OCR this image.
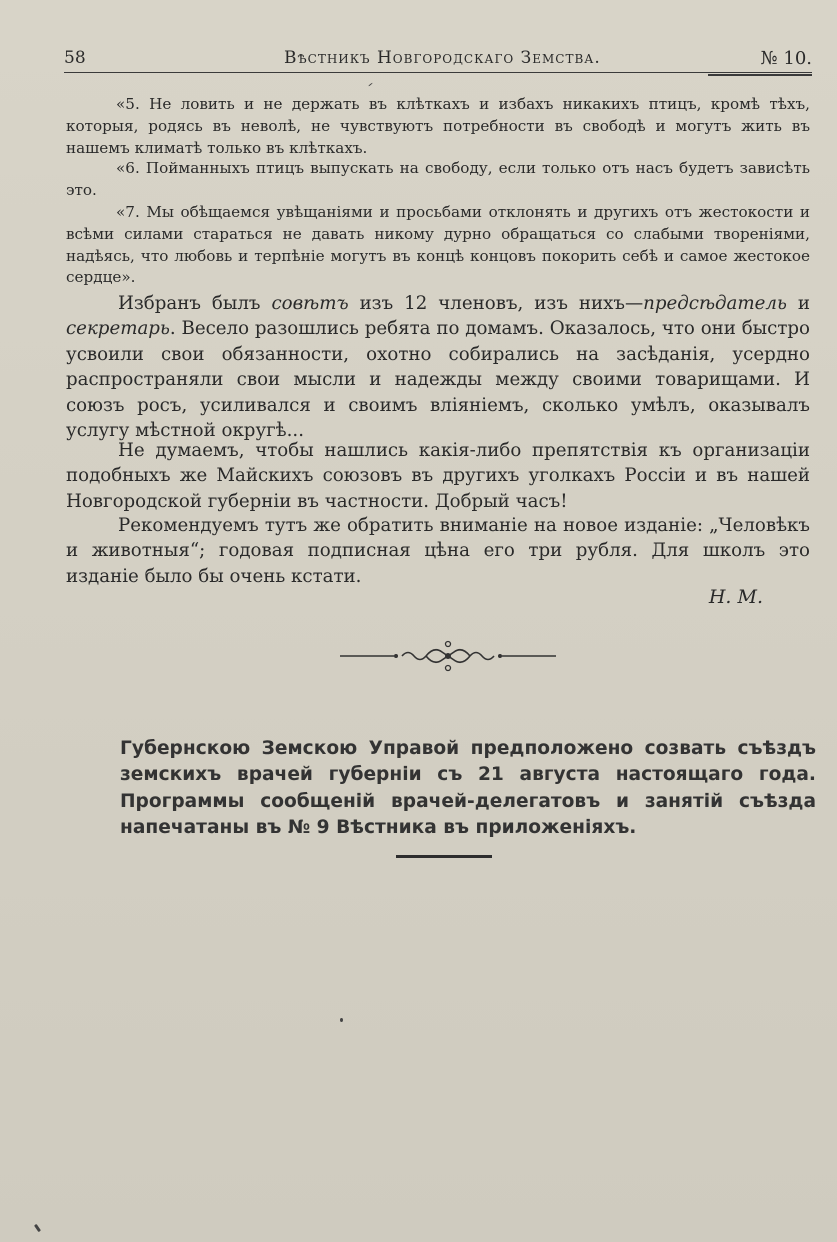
58	Вѣстникъ Новгородскаго Земства.	№ 10.

«5. Не ловить и не держать въ клѣткахъ и избахъ никакихъ птицъ, кромѣ тѣхъ, которыя, родясь въ неволѣ, не чувствуютъ потребности въ свободѣ и могутъ жить въ нашемъ климатѣ только въ клѣткахъ.

«6. Пойманныхъ птицъ выпускать на свободу, если только отъ насъ будетъ зависѣть это.

«7. Мы обѣщаемся увѣщаніями и просьбами отклонять и другихъ отъ жестокости и всѣми силами стараться не давать никому дурно обращаться со слабыми твореніями, надѣясь, что любовь и терпѣніе могутъ въ концѣ концовъ покорить себѣ и самое жестокое сердце».

Избранъ былъ совѣтъ изъ 12 членовъ, изъ нихъ—предсѣдатель и секретарь. Весело разошлись ребята по домамъ. Оказалось, что они быстро усвоили свои обязанности, охотно собирались на засѣданія, усердно распространяли свои мысли и надежды между своими товарищами. И союзъ росъ, усиливался и своимъ вліяніемъ, сколько умѣлъ, оказывалъ услугу мѣстной округѣ...

Не думаемъ, чтобы нашлись какія-либо препятствія къ организаціи подобныхъ же Майскихъ союзовъ въ другихъ уголкахъ Россіи и въ нашей Новгородской губерніи въ частности. Добрый часъ!

Рекомендуемъ тутъ же обратить вниманіе на новое изданіе: „Человѣкъ и животныя“; годовая подписная цѣна его три рубля. Для школъ это изданіе было бы очень кстати.

Н. М.

Губернскою Земскою Управой предположено созвать съѣздъ земскихъ врачей губерніи съ 21 августа настоящаго года. Программы сообщеній врачей-делегатовъ и занятій съѣзда напечатаны въ № 9 Вѣстника въ приложеніяхъ.
